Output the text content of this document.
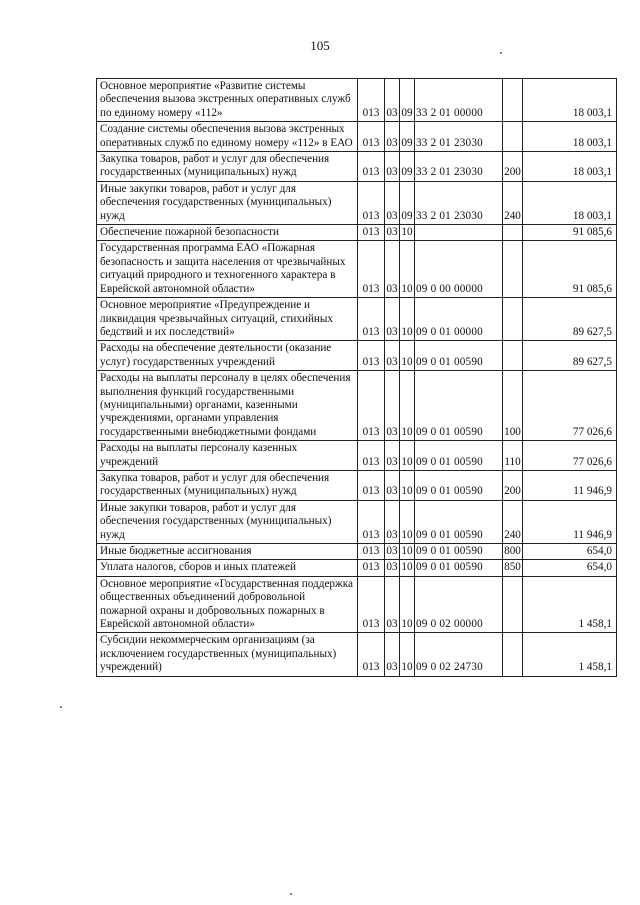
105
Основное мероприятие «Развитие системы обеспечения вызова экстренных оперативных служб по единому номеру «112»	013	03	09	33 2 01 00000		18 003,1
Создание системы обеспечения вызова экстренных оперативных служб по единому номеру «112» в ЕАО	013	03	09	33 2 01 23030		18 003,1
Закупка товаров, работ и услуг для обеспечения государственных (муниципальных) нужд	013	03	09	33 2 01 23030	200	18 003,1
Иные закупки товаров, работ и услуг для обеспечения государственных (муниципальных) нужд	013	03	09	33 2 01 23030	240	18 003,1
Обеспечение пожарной безопасности	013	03	10			91 085,6
Государственная программа ЕАО «Пожарная безопасность и защита населения от чрезвычайных ситуаций природного и техногенного характера в Еврейской автономной области»	013	03	10	09 0 00 00000		91 085,6
Основное мероприятие «Предупреждение и ликвидация чрезвычайных ситуаций, стихийных бедствий и их последствий»	013	03	10	09 0 01 00000		89 627,5
Расходы на обеспечение деятельности (оказание услуг) государственных учреждений	013	03	10	09 0 01 00590		89 627,5
Расходы на выплаты персоналу в целях обеспечения выполнения функций государственными (муниципальными) органами, казенными учреждениями, органами управления государственными внебюджетными фондами	013	03	10	09 0 01 00590	100	77 026,6
Расходы на выплаты персоналу казенных учреждений	013	03	10	09 0 01 00590	110	77 026,6
Закупка товаров, работ и услуг для обеспечения государственных (муниципальных) нужд	013	03	10	09 0 01 00590	200	11 946,9
Иные закупки товаров, работ и услуг для обеспечения государственных (муниципальных) нужд	013	03	10	09 0 01 00590	240	11 946,9
Иные бюджетные ассигнования	013	03	10	09 0 01 00590	800	654,0
Уплата налогов, сборов и иных платежей	013	03	10	09 0 01 00590	850	654,0
Основное мероприятие «Государственная поддержка общественных объединений добровольной пожарной охраны и добровольных пожарных в Еврейской автономной области»	013	03	10	09 0 02 00000		1 458,1
Субсидии некоммерческим организациям (за исключением государственных (муниципальных) учреждений)	013	03	10	09 0 02 24730		1 458,1
